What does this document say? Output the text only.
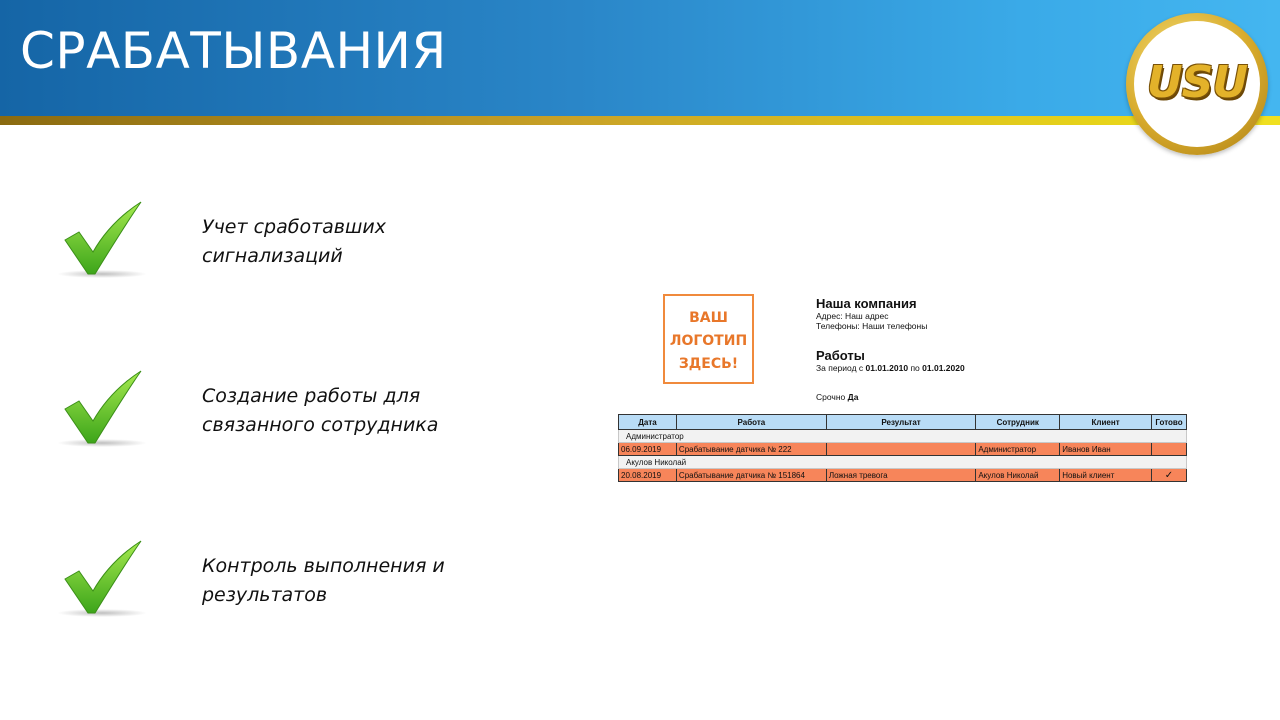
СРАБАТЫВАНИЯ
USU
Учет сработавших сигнализаций
Создание работы для связанного сотрудника
Контроль выполнения и результатов
ВАШ
ЛОГОТИП
ЗДЕСЬ!
Наша компания
Адрес: Наш адрес
Телефоны: Наши телефоны
Работы
За период с 01.01.2010 по 01.01.2020
Срочно Да
Дата	Работа	Результат	Сотрудник	Клиент	Готово
Администратор					
06.09.2019	Срабатывание датчика № 222		Администратор	Иванов Иван	
Акулов Николай					
20.08.2019	Срабатывание датчика № 151864	Ложная тревога	Акулов Николай	Новый клиент	✓
